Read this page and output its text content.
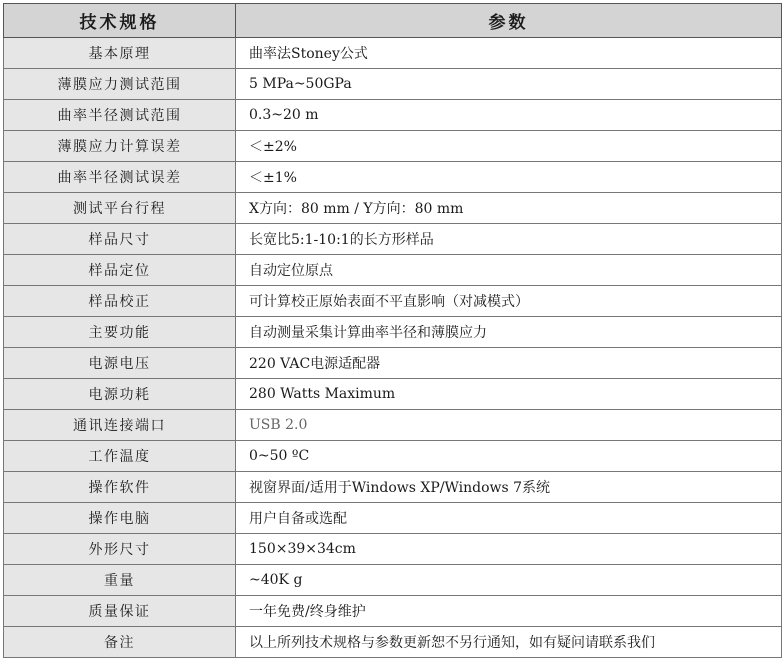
技术规格	参数
基本原理	曲率法Stoney公式
薄膜应力测试范围	5 MPa~50GPa
曲率半径测试范围	0.3~20 m
薄膜应力计算误差	＜±2%
曲率半径测试误差	＜±1%
测试平台行程	X方向：80 mm / Y方向：80 mm
样品尺寸	长宽比5:1-10:1的长方形样品
样品定位	自动定位原点
样品校正	可计算校正原始表面不平直影响（对减模式）
主要功能	自动测量采集计算曲率半径和薄膜应力
电源电压	220 VAC电源适配器
电源功耗	280 Watts Maximum
通讯连接端口	USB 2.0
工作温度	0~50 ºC
操作软件	视窗界面/适用于Windows XP/Windows 7系统
操作电脑	用户自备或选配
外形尺寸	150×39×34cm
重量	~40K g
质量保证	一年免费/终身维护
备注	以上所列技术规格与参数更新恕不另行通知，如有疑问请联系我们
